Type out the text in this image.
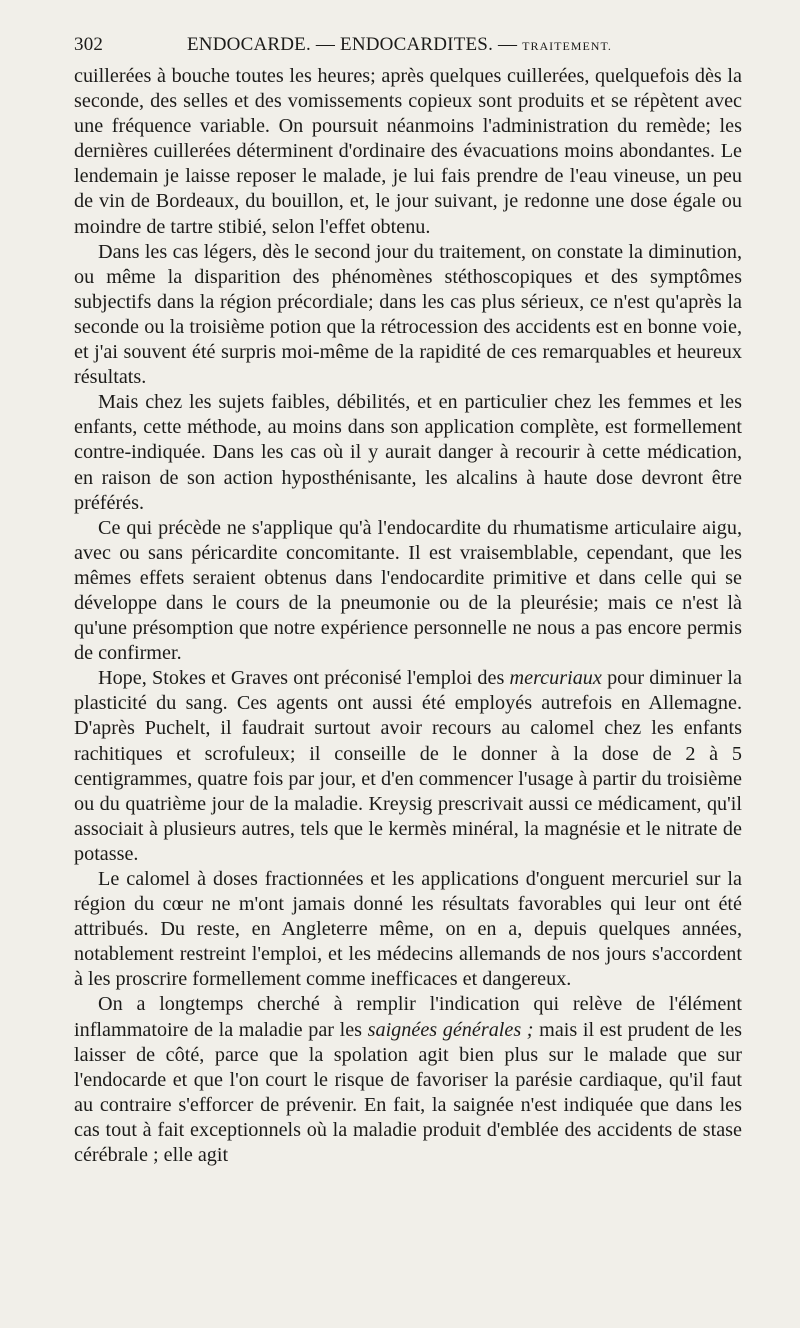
302	ENDOCARDE. — ENDOCARDITES. — TRAITEMENT.

cuillerées à bouche toutes les heures; après quelques cuillerées, quelquefois dès la seconde, des selles et des vomissements copieux sont produits et se répètent avec une fréquence variable. On poursuit néanmoins l'administration du remède; les dernières cuillerées déterminent d'ordinaire des évacuations moins abondantes. Le lendemain je laisse reposer le malade, je lui fais prendre de l'eau vineuse, un peu de vin de Bordeaux, du bouillon, et, le jour suivant, je redonne une dose égale ou moindre de tartre stibié, selon l'effet obtenu.

Dans les cas légers, dès le second jour du traitement, on constate la diminution, ou même la disparition des phénomènes stéthoscopiques et des symptômes subjectifs dans la région précordiale; dans les cas plus sérieux, ce n'est qu'après la seconde ou la troisième potion que la rétrocession des accidents est en bonne voie, et j'ai souvent été surpris moi-même de la rapidité de ces remarquables et heureux résultats.

Mais chez les sujets faibles, débilités, et en particulier chez les femmes et les enfants, cette méthode, au moins dans son application complète, est formellement contre-indiquée. Dans les cas où il y aurait danger à recourir à cette médication, en raison de son action hyposthénisante, les alcalins à haute dose devront être préférés.

Ce qui précède ne s'applique qu'à l'endocardite du rhumatisme articulaire aigu, avec ou sans péricardite concomitante. Il est vraisemblable, cependant, que les mêmes effets seraient obtenus dans l'endocardite primitive et dans celle qui se développe dans le cours de la pneumonie ou de la pleurésie; mais ce n'est là qu'une présomption que notre expérience personnelle ne nous a pas encore permis de confirmer.

Hope, Stokes et Graves ont préconisé l'emploi des mercuriaux pour diminuer la plasticité du sang. Ces agents ont aussi été employés autrefois en Allemagne. D'après Puchelt, il faudrait surtout avoir recours au calomel chez les enfants rachitiques et scrofuleux; il conseille de le donner à la dose de 2 à 5 centigrammes, quatre fois par jour, et d'en commencer l'usage à partir du troisième ou du quatrième jour de la maladie. Kreysig prescrivait aussi ce médicament, qu'il associait à plusieurs autres, tels que le kermès minéral, la magnésie et le nitrate de potasse.

Le calomel à doses fractionnées et les applications d'onguent mercuriel sur la région du cœur ne m'ont jamais donné les résultats favorables qui leur ont été attribués. Du reste, en Angleterre même, on en a, depuis quelques années, notablement restreint l'emploi, et les médecins allemands de nos jours s'accordent à les proscrire formellement comme inefficaces et dangereux.

On a longtemps cherché à remplir l'indication qui relève de l'élément inflammatoire de la maladie par les saignées générales ; mais il est prudent de les laisser de côté, parce que la spolation agit bien plus sur le malade que sur l'endocarde et que l'on court le risque de favoriser la parésie cardiaque, qu'il faut au contraire s'efforcer de prévenir. En fait, la saignée n'est indiquée que dans les cas tout à fait exceptionnels où la maladie produit d'emblée des accidents de stase cérébrale ; elle agit
